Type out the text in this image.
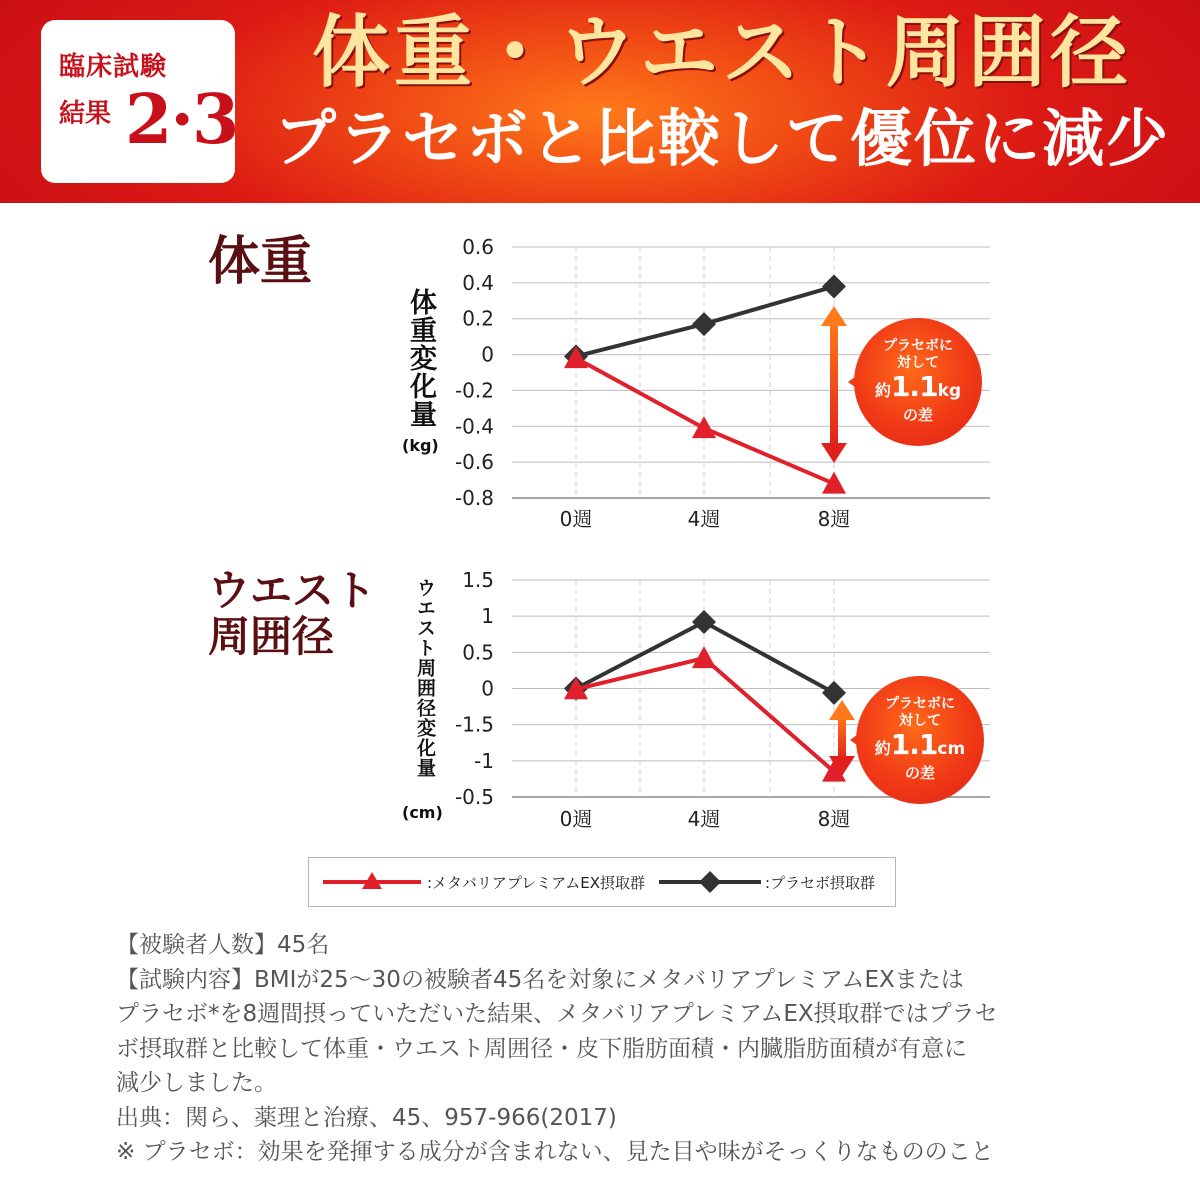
臨床試験
結果 2·3
体重・ウエスト周囲径
プラセボと比較して優位に減少
体重
ウエスト
周囲径
体重変化量
(kg)
ウエスト周囲径変化量
(cm)
0.6
0.4
0.2
0
-0.2
-0.4
-0.6
-0.8
0週	4週	8週
1.5
1
0.5
0
-1.5
-1
-0.5
0週	4週	8週
プラセボに
対して
約1.1kg
の差
プラセボに
対して
約1.1cm
の差
:メタバリアプレミアムEX摂取群	:プラセボ摂取群
【被験者人数】45名
【試験内容】BMIが25～30の被験者45名を対象にメタバリアプレミアムEXまたは
プラセボ*を8週間摂っていただいた結果、メタバリアプレミアムEX摂取群ではプラセ
ボ摂取群と比較して体重・ウエスト周囲径・皮下脂肪面積・内臓脂肪面積が有意に
減少しました。
出典：関ら、薬理と治療、45、957-966(2017)
※ プラセボ：効果を発揮する成分が含まれない、見た目や味がそっくりなもののこと
